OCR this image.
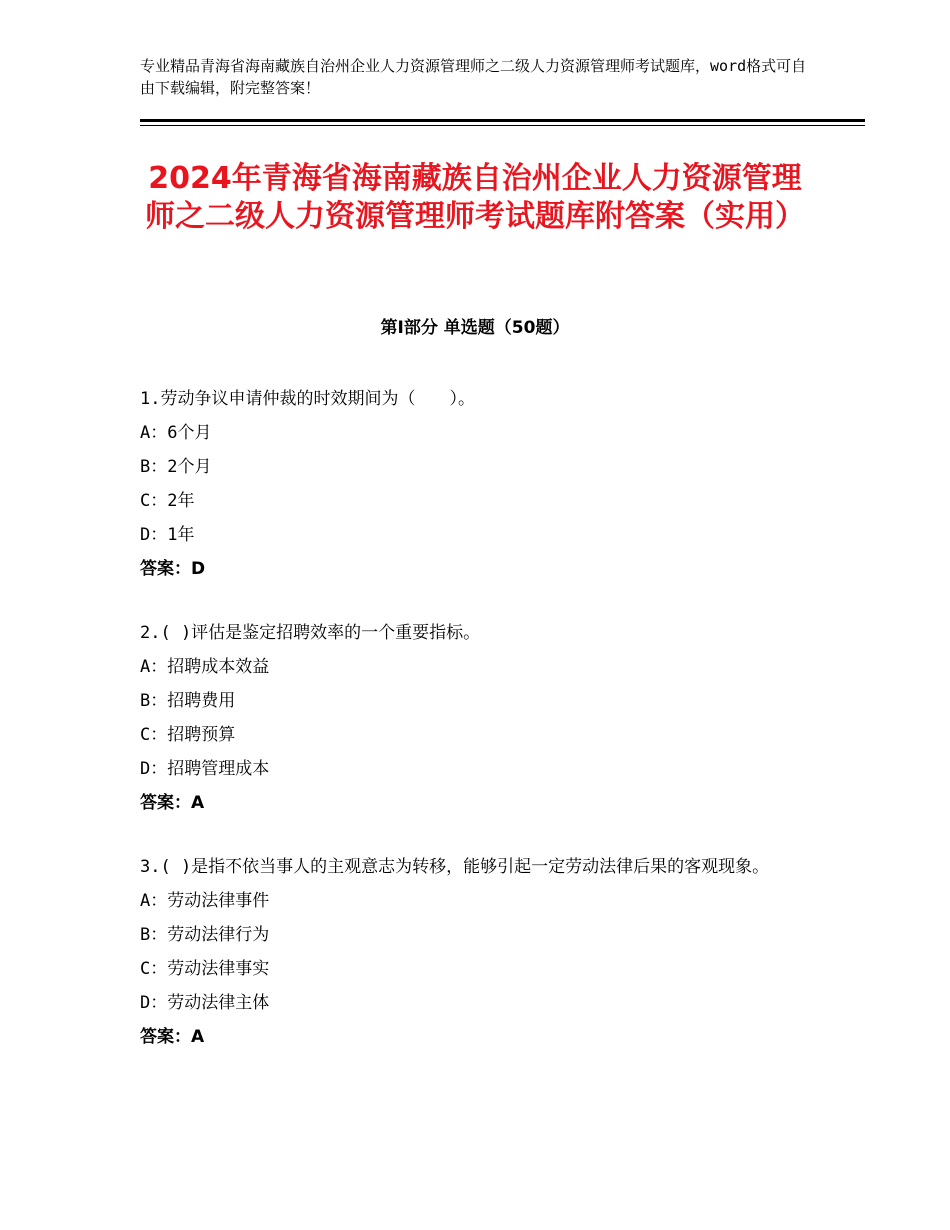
专业精品青海省海南藏族自治州企业人力资源管理师之二级人力资源管理师考试题库，word格式可自由下载编辑，附完整答案！
2024年青海省海南藏族自治州企业人力资源管理师之二级人力资源管理师考试题库附答案（实用）
第Ⅰ部分 单选题（50题）
1.劳动争议申请仲裁的时效期间为（　　）。
A：6个月
B：2个月
C：2年
D：1年
答案：D
2.( )评估是鉴定招聘效率的一个重要指标。
A：招聘成本效益
B：招聘费用
C：招聘预算
D：招聘管理成本
答案：A
3.( )是指不依当事人的主观意志为转移，能够引起一定劳动法律后果的客观现象。
A：劳动法律事件
B：劳动法律行为
C：劳动法律事实
D：劳动法律主体
答案：A
